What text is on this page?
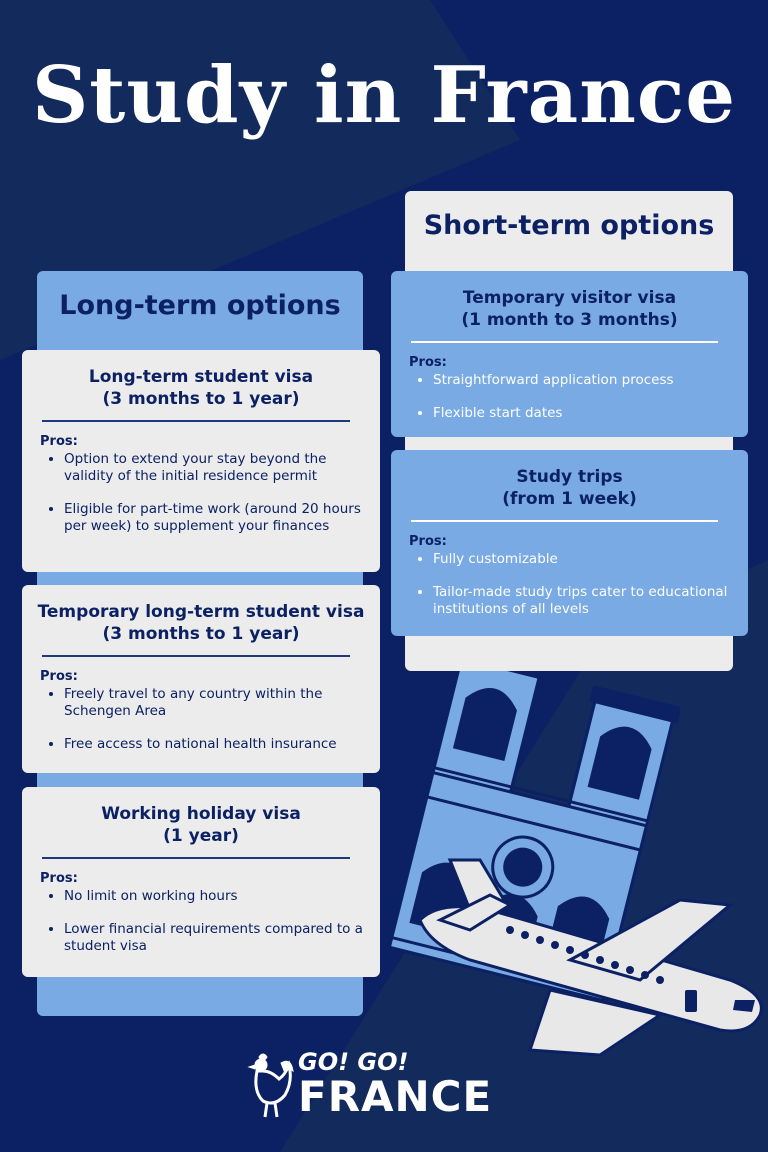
Study in France
Long-term options
Long-term student visa
(3 months to 1 year)
Pros:
• Option to extend your stay beyond the validity of the initial residence permit
• Eligible for part-time work (around 20 hours per week) to supplement your finances
Temporary long-term student visa
(3 months to 1 year)
Pros:
• Freely travel to any country within the Schengen Area
• Free access to national health insurance
Working holiday visa
(1 year)
Pros:
• No limit on working hours
• Lower financial requirements compared to a student visa
Short-term options
Temporary visitor visa
(1 month to 3 months)
Pros:
• Straightforward application process
• Flexible start dates
Study trips
(from 1 week)
Pros:
• Fully customizable
• Tailor-made study trips cater to educational institutions of all levels
GO! GO!
FRANCE
